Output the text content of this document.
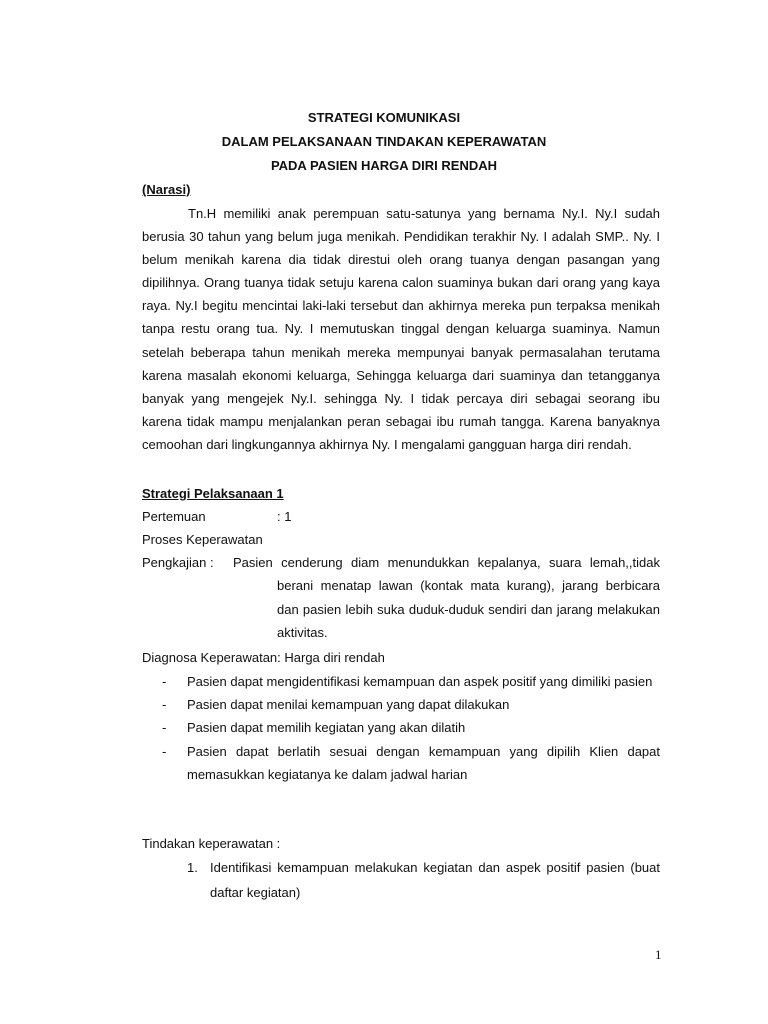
STRATEGI KOMUNIKASI
DALAM PELAKSANAAN TINDAKAN KEPERAWATAN
PADA PASIEN HARGA DIRI RENDAH
(Narasi)
Tn.H memiliki anak perempuan satu-satunya yang bernama Ny.I. Ny.I sudah
berusia 30 tahun yang belum juga menikah. Pendidikan terakhir Ny. I adalah SMP.. Ny. I
belum menikah karena dia tidak direstui oleh orang tuanya dengan pasangan yang
dipilihnya. Orang tuanya tidak setuju karena calon suaminya bukan dari orang yang kaya
raya. Ny.I begitu mencintai laki-laki tersebut dan akhirnya mereka pun terpaksa menikah
tanpa restu orang tua. Ny. I memutuskan tinggal dengan keluarga suaminya. Namun
setelah beberapa tahun menikah mereka mempunyai banyak permasalahan terutama
karena masalah ekonomi keluarga, Sehingga keluarga dari suaminya dan tetangganya
banyak yang mengejek Ny.I. sehingga Ny. I tidak percaya diri sebagai seorang ibu
karena tidak mampu menjalankan peran sebagai ibu rumah tangga. Karena banyaknya
cemoohan dari lingkungannya akhirnya Ny. I mengalami gangguan harga diri rendah.
Strategi Pelaksanaan 1
Pertemuan	: 1
Proses Keperawatan
Pengkajian : Pasien cenderung diam menundukkan kepalanya, suara lemah,,tidak
berani menatap lawan (kontak mata kurang), jarang berbicara
dan pasien lebih suka duduk-duduk sendiri dan jarang melakukan
aktivitas.
Diagnosa Keperawatan: Harga diri rendah
- Pasien dapat mengidentifikasi kemampuan dan aspek positif yang dimiliki pasien
- Pasien dapat menilai kemampuan yang dapat dilakukan
- Pasien dapat memilih kegiatan yang akan dilatih
- Pasien dapat berlatih sesuai dengan kemampuan yang dipilih Klien dapat
memasukkan kegiatanya ke dalam jadwal harian
Tindakan keperawatan :
1. Identifikasi kemampuan melakukan kegiatan dan aspek positif pasien (buat
daftar kegiatan)
1
